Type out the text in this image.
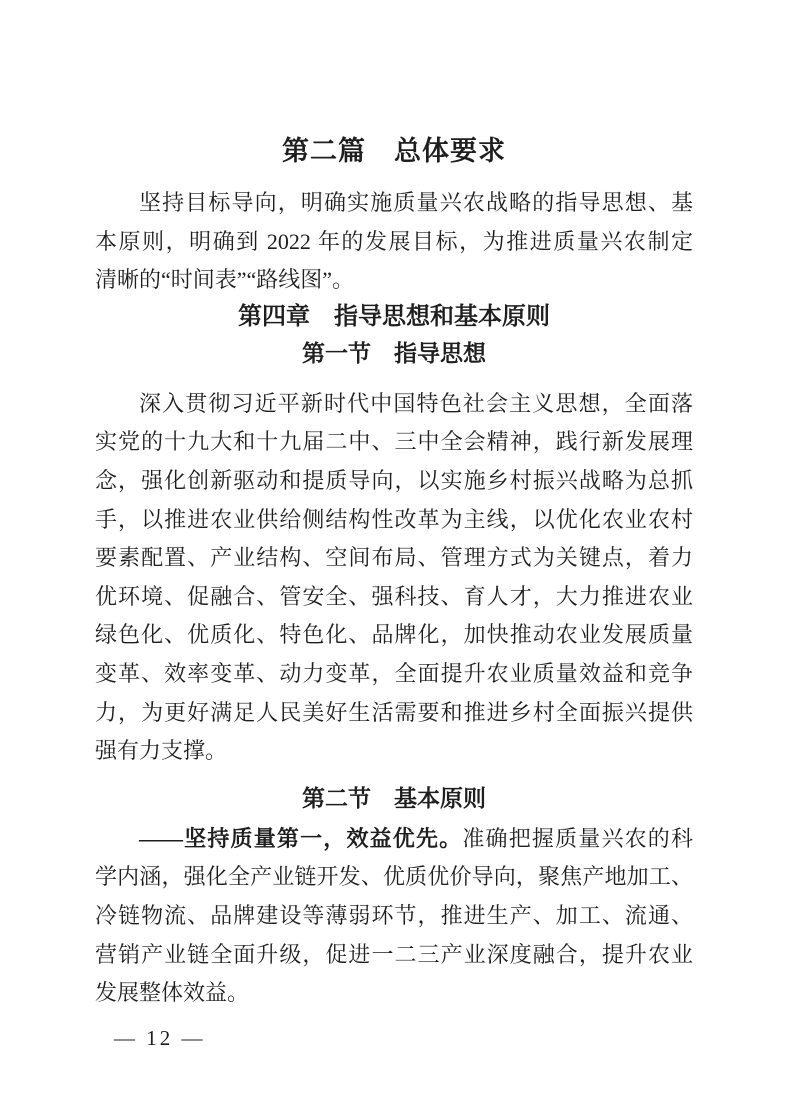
第二篇　总体要求

坚持目标导向，明确实施质量兴农战略的指导思想、基

本原则，明确到 2022 年的发展目标，为推进质量兴农制定

清晰的“时间表”“路线图”。

第四章　指导思想和基本原则
第一节　指导思想

深入贯彻习近平新时代中国特色社会主义思想，全面落

实党的十九大和十九届二中、三中全会精神，践行新发展理

念，强化创新驱动和提质导向，以实施乡村振兴战略为总抓

手，以推进农业供给侧结构性改革为主线，以优化农业农村

要素配置、产业结构、空间布局、管理方式为关键点，着力

优环境、促融合、管安全、强科技、育人才，大力推进农业

绿色化、优质化、特色化、品牌化，加快推动农业发展质量

变革、效率变革、动力变革，全面提升农业质量效益和竞争

力，为更好满足人民美好生活需要和推进乡村全面振兴提供

强有力支撑。

第二节　基本原则

——坚持质量第一，效益优先。准确把握质量兴农的科

学内涵，强化全产业链开发、优质优价导向，聚焦产地加工、

冷链物流、品牌建设等薄弱环节，推进生产、加工、流通、

营销产业链全面升级，促进一二三产业深度融合，提升农业

发展整体效益。

— 12 —
